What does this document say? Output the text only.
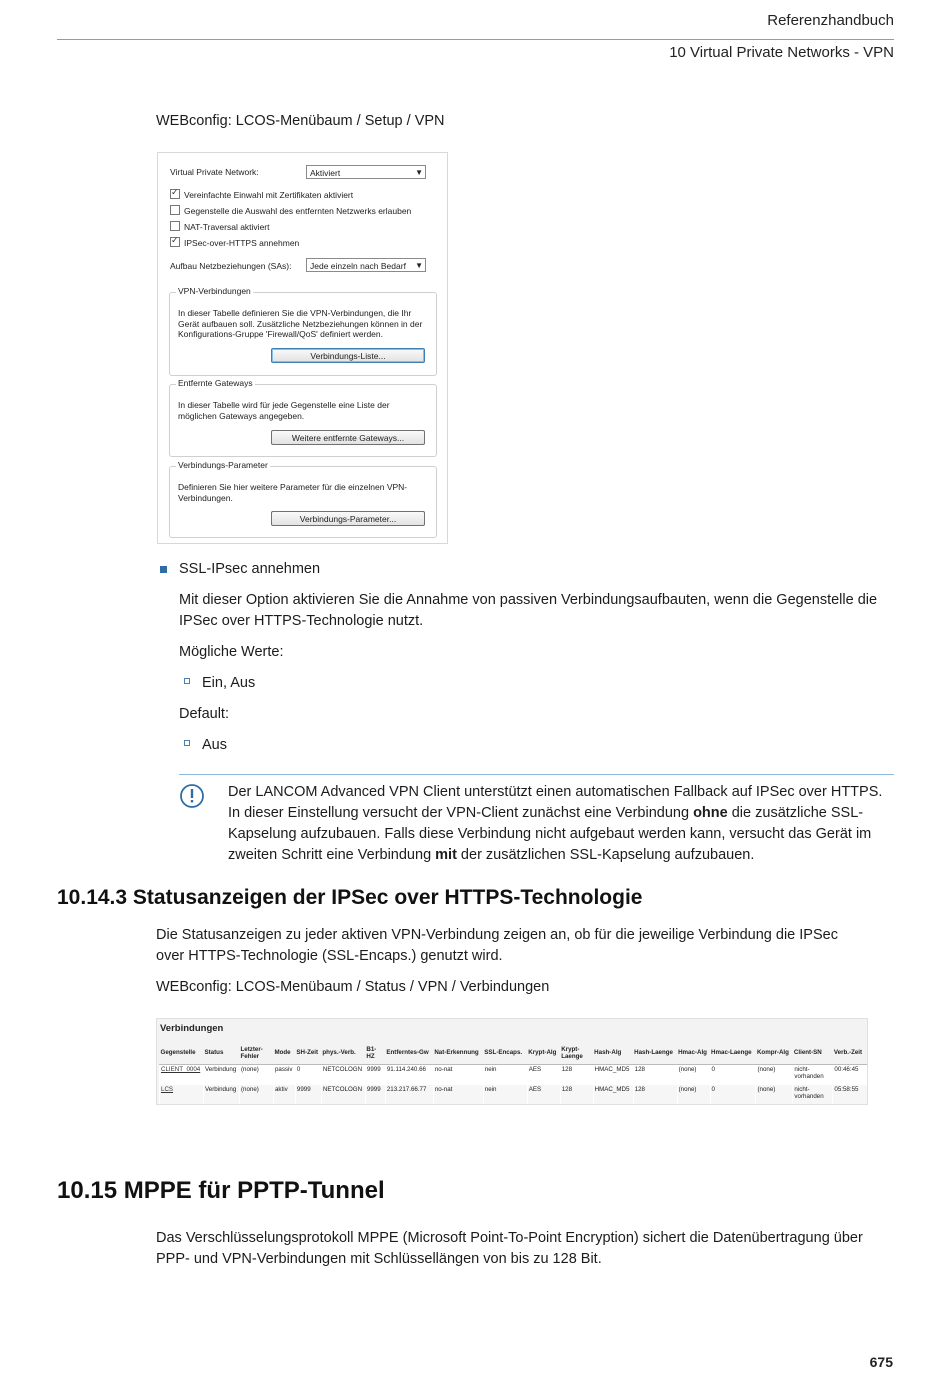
Referenzhandbuch
10 Virtual Private Networks - VPN
WEBconfig: LCOS-Menübaum / Setup / VPN
Virtual Private Network:	Aktiviert	▼
✓Vereinfachte Einwahl mit Zertifikaten aktiviert
Gegenstelle die Auswahl des entfernten Netzwerks erlauben
NAT-Traversal aktiviert
✓IPSec-over-HTTPS annehmen
Aufbau Netzbeziehungen (SAs):	Jede einzeln nach Bedarf ▼
VPN-Verbindungen
In dieser Tabelle definieren Sie die VPN-Verbindungen, die Ihr Gerät aufbauen soll. Zusätzliche Netzbeziehungen können in der Konfigurations-Gruppe 'Firewall/QoS' definiert werden.
Verbindungs-Liste...
Entfernte Gateways
In dieser Tabelle wird für jede Gegenstelle eine Liste der möglichen Gateways angegeben.
Weitere entfernte Gateways...
Verbindungs-Parameter
Definieren Sie hier weitere Parameter für die einzelnen VPN-Verbindungen.
Verbindungs-Parameter...
SSL-IPsec annehmen
Mit dieser Option aktivieren Sie die Annahme von passiven Verbindungsaufbauten, wenn die Gegenstelle die IPSec over HTTPS-Technologie nutzt.
Mögliche Werte:
Ein, Aus
Default:
Aus
Der LANCOM Advanced VPN Client unterstützt einen automatischen Fallback auf IPSec over HTTPS. In dieser Einstellung versucht der VPN-Client zunächst eine Verbindung ohne die zusätzliche SSL-Kapselung aufzubauen. Falls diese Verbindung nicht aufgebaut werden kann, versucht das Gerät im zweiten Schritt eine Verbindung mit der zusätzlichen SSL-Kapselung aufzubauen.
10.14.3 Statusanzeigen der IPSec over HTTPS-Technologie
Die Statusanzeigen zu jeder aktiven VPN-Verbindung zeigen an, ob für die jeweilige Verbindung die IPSec over HTTPS-Technologie (SSL-Encaps.) genutzt wird.
WEBconfig: LCOS-Menübaum / Status / VPN / Verbindungen
Verbindungen
Gegenstelle	Status	Letzter-Fehler	Mode	SH-Zeit	phys.-Verb.	B1-HZ	Entferntes-Gw	Nat-Erkennung	SSL-Encaps.	Krypt-Alg	Krypt-Laenge	Hash-Alg	Hash-Laenge	Hmac-Alg	Hmac-Laenge	Kompr-Alg	Client-SN	Verb.-Zeit
CLIENT_0004	Verbindung	(none)	passiv	0	NETCOLOGN	9999	91.114.240.66	no-nat	nein	AES	128	HMAC_MD5	128	(none)	0	(none)	nicht-vorhanden	00:46:45
LCS	Verbindung	(none)	aktiv	9999	NETCOLOGN	9999	213.217.66.77	no-nat	nein	AES	128	HMAC_MD5	128	(none)	0	(none)	nicht-vorhanden	05:58:55
10.15 MPPE für PPTP-Tunnel
Das Verschlüsselungsprotokoll MPPE (Microsoft Point-To-Point Encryption) sichert die Datenübertragung über PPP- und VPN-Verbindungen mit Schlüssellängen von bis zu 128 Bit.
675
